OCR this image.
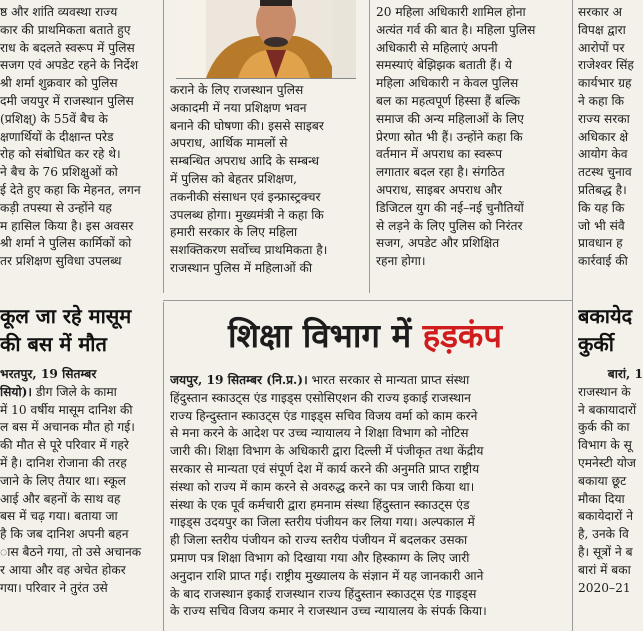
ष्ठ और शांति व्यवस्था राज्य

कार की प्राथमिकता बताते हुए

राध के बदलते स्वरूप में पुलिस

सजग एवं अपडेट रहने के निर्देश

श्री शर्मा शुक्रवार को पुलिस

दमी जयपुर में राजस्थान पुलिस

(प्रशिक्ष्) के 55वें बैच के

क्षणार्थियों के दीक्षान्त परेड

रोह को संबोधित कर रहे थे।

ने बैच के 76 प्रशिक्षुओं को

ई देते हुए कहा कि मेहनत, लगन

कड़ी तपस्या से उन्होंने यह

म हासिल किया है। इस अवसर

श्री शर्मा ने पुलिस कार्मिकों को

तर प्रशिक्षण सुविधा उपलब्ध

कूल जा रहे मासूम
की बस में मौत

भरतपुर, 19 सितम्बर

सियो)। डीग जिले के कामा

में 10 वर्षीय मासूम दानिश की

ल बस में अचानक मौत हो गई।

की मौत से पूरे परिवार में गहरे

में है। दानिश रोजाना की तरह

जाने के लिए तैयार था। स्कूल

आई और बहनों के साथ वह

बस में चढ़ गया। बताया जा

है कि जब दानिश अपनी बहन

ास बैठने गया, तो उसे अचानक

र आया और वह अचेत होकर

गया। परिवार ने तुरंत उसे

कराने के लिए राजस्थान पुलिस

अकादमी में नया प्रशिक्षण भवन

बनाने की घोषणा की। इससे साइबर

अपराध, आर्थिक मामलों से

सम्बन्धित अपराध आदि के सम्बन्ध

में पुलिस को बेहतर प्रशिक्षण,

तकनीकी संसाधन एवं इन्फ्रास्ट्रक्चर

उपलब्ध होगा। मुख्यमंत्री ने कहा कि

हमारी सरकार के लिए महिला

सशक्तिकरण सर्वोच्च प्राथमिकता है।

राजस्थान पुलिस में महिलाओं की

20 महिला अधिकारी शामिल होना

अत्यंत गर्व की बात है। महिला पुलिस

अधिकारी से महिलाएं अपनी

समस्याएं बेझिझक बताती हैं। ये

महिला अधिकारी न केवल पुलिस

बल का महत्वपूर्ण हिस्सा हैं बल्कि

समाज की अन्य महिलाओं के लिए

प्रेरणा स्रोत भी हैं। उन्होंने कहा कि

वर्तमान में अपराध का स्वरूप

लगातार बदल रहा है। संगठित

अपराध, साइबर अपराध और

डिजिटल युग की नई–नई चुनौतियों

से लड़ने के लिए पुलिस को निरंतर

सजग, अपडेट और प्रशिक्षित

रहना होगा।

सरकार अ

विपक्ष द्वारा

आरोपों पर

राजेश्वर सिंह

कार्यभार ग्रह

ने कहा कि

राज्य सरका

अधिकार क्षे

आयोग केव

तटस्थ चुनाव

प्रतिबद्ध है।

कि यह कि

जो भी संवै

प्रावधान ह

कार्रवाई की

बकायेद
कुर्की

बारां, 1

राजस्थान के

ने बकायादारों

कुर्क की का

विभाग के सू

एमनेस्टी योज

बकाया छूट

मौका दिया

बकायेदारों ने

है, उनके वि

है। सूत्रों ने ब

बारां में बका

2020–21

शिक्षा विभाग में हड़कंप

जयपुर, 19 सितम्बर (नि.प्र.)। भारत सरकार से मान्यता प्राप्त संस्था

हिंदुस्तान स्काउट्स एंड गाइड्स एसोसिएशन की राज्य इकाई राजस्थान

राज्य हिन्दुस्तान स्काउट्स एंड गाइड्स सचिव विजय वर्मा को काम करने

से मना करने के आदेश पर उच्च न्यायालय ने शिक्षा विभाग को नोटिस

जारी की। शिक्षा विभाग के अधिकारी द्वारा दिल्ली में पंजीकृत तथा केंद्रीय

सरकार से मान्यता एवं संपूर्ण देश में कार्य करने की अनुमति प्राप्त राष्ट्रीय

संस्था को राज्य में काम करने से अवरुद्ध करने का पत्र जारी किया था।

संस्था के एक पूर्व कर्मचारी द्वारा हमनाम संस्था हिंदुस्तान स्काउट्स एंड

गाइड्स उदयपुर का जिला स्तरीय पंजीयन कर लिया गया। अल्पकाल में

ही जिला स्तरीय पंजीयन को राज्य स्तरीय पंजीयन में बदलकर उसका

प्रमाण पत्र शिक्षा विभाग को दिखाया गया और हिस्काग्ग के लिए जारी

अनुदान राशि प्राप्त गई। राष्ट्रीय मुख्यालय के संज्ञान में यह जानकारी आने

के बाद राजस्थान इकाई राजस्थान राज्य हिंदुस्तान स्काउट्स एंड गाइड्स

के राज्य सचिव विजय कमार ने राजस्थान उच्च न्यायालय के संपर्क किया।
